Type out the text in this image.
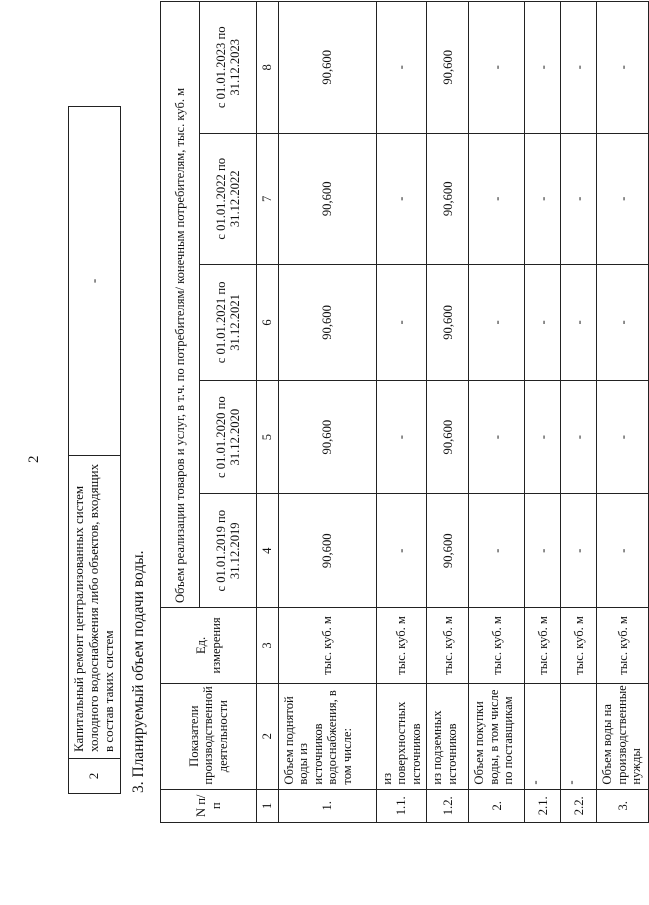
2
2	Капитальный ремонт централизованных систем холодного водоснабжения либо объектов, входящих в состав таких систем	-
3. Планируемый объем подачи воды.
N п/п	Показатели производственной деятельности	Ед. измерения	Объем реализации товаров и услуг, в т.ч. по потребителям/ конечным потребителям, тыс. куб. м				
			с 01.01.2019 по 31.12.2019	с 01.01.2020 по 31.12.2020	с 01.01.2021 по 31.12.2021	с 01.01.2022 по 31.12.2022	с 01.01.2023 по 31.12.2023
1	2	3	4	5	6	7	8
1.	Объем поднятой воды из источников водоснабжения, в том числе:	тыс. куб. м	90,600	90,600	90,600	90,600	90,600
1.1.	из поверхностных источников	тыс. куб. м	-	-	-	-	-
1.2.	из подземных источников	тыс. куб. м	90,600	90,600	90,600	90,600	90,600
2.	Объем покупки воды, в том числе по поставщикам	тыс. куб. м	-	-	-	-	-
2.1.	-	тыс. куб. м	-	-	-	-	-
2.2.	-	тыс. куб. м	-	-	-	-	-
3.	Объем воды на производственные нужды	тыс. куб. м	-	-	-	-	-
